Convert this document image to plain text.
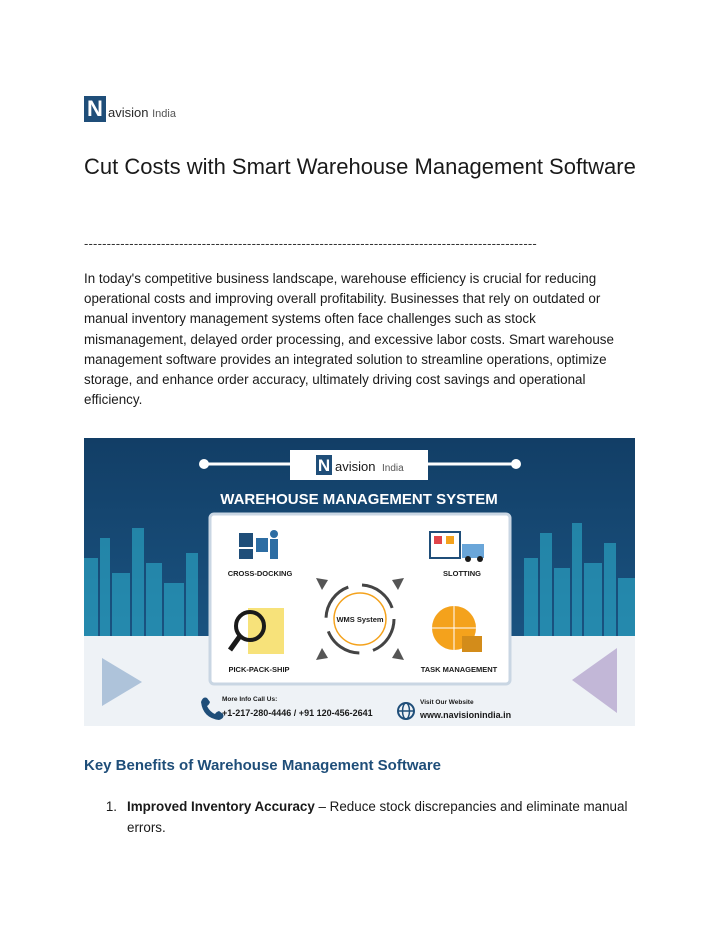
N avision India
Cut Costs with Smart Warehouse Management Software
----------------------------------------------------------------------------------------------------

In today's competitive business landscape, warehouse efficiency is crucial for reducing operational costs and improving overall profitability. Businesses that rely on outdated or manual inventory management systems often face challenges such as stock mismanagement, delayed order processing, and excessive labor costs. Smart warehouse management software provides an integrated solution to streamline operations, optimize storage, and enhance order accuracy, ultimately driving cost savings and operational efficiency.

N avision India
WAREHOUSE MANAGEMENT SYSTEM
CROSS-DOCKING	SLOTTING
WMS System
PICK-PACK-SHIP	TASK MANAGEMENT
More Info Call Us:
+1-217-280-4446 / +91 120-456-2641
Visit Our Website
www.navisionindia.in
Key Benefits of Warehouse Management Software
1. Improved Inventory Accuracy – Reduce stock discrepancies and eliminate manual errors.
